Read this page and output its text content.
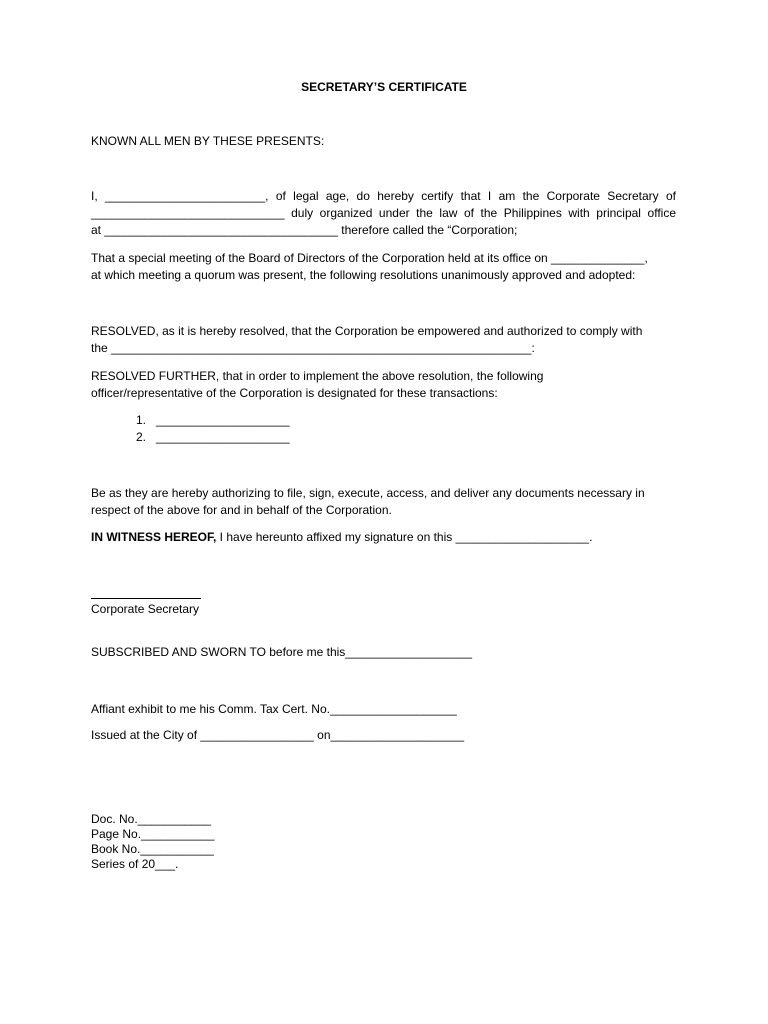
SECRETARY’S CERTIFICATE
KNOWN ALL MEN BY THESE PRESENTS:
I, ________________________, of legal age, do hereby certify that I am the Corporate Secretary of
_____________________________ duly organized under the law of the Philippines with principal office
at ___________________________________ therefore called the “Corporation;
That a special meeting of the Board of Directors of the Corporation held at its office on ______________,
at which meeting a quorum was present, the following resolutions unanimously approved and adopted:
RESOLVED, as it is hereby resolved, that the Corporation be empowered and authorized to comply with
the _______________________________________________________________:
RESOLVED FURTHER, that in order to implement the above resolution, the following
officer/representative of the Corporation is designated for these transactions:
1. ____________________
2. ____________________
Be as they are hereby authorizing to file, sign, execute, access, and deliver any documents necessary in
respect of the above for and in behalf of the Corporation.
IN WITNESS HEREOF, I have hereunto affixed my signature on this ____________________.
Corporate Secretary
SUBSCRIBED AND SWORN TO before me this___________________
Affiant exhibit to me his Comm. Tax Cert. No.___________________
Issued at the City of _________________ on____________________
Doc. No.___________
Page No.___________
Book No.___________
Series of 20___.
